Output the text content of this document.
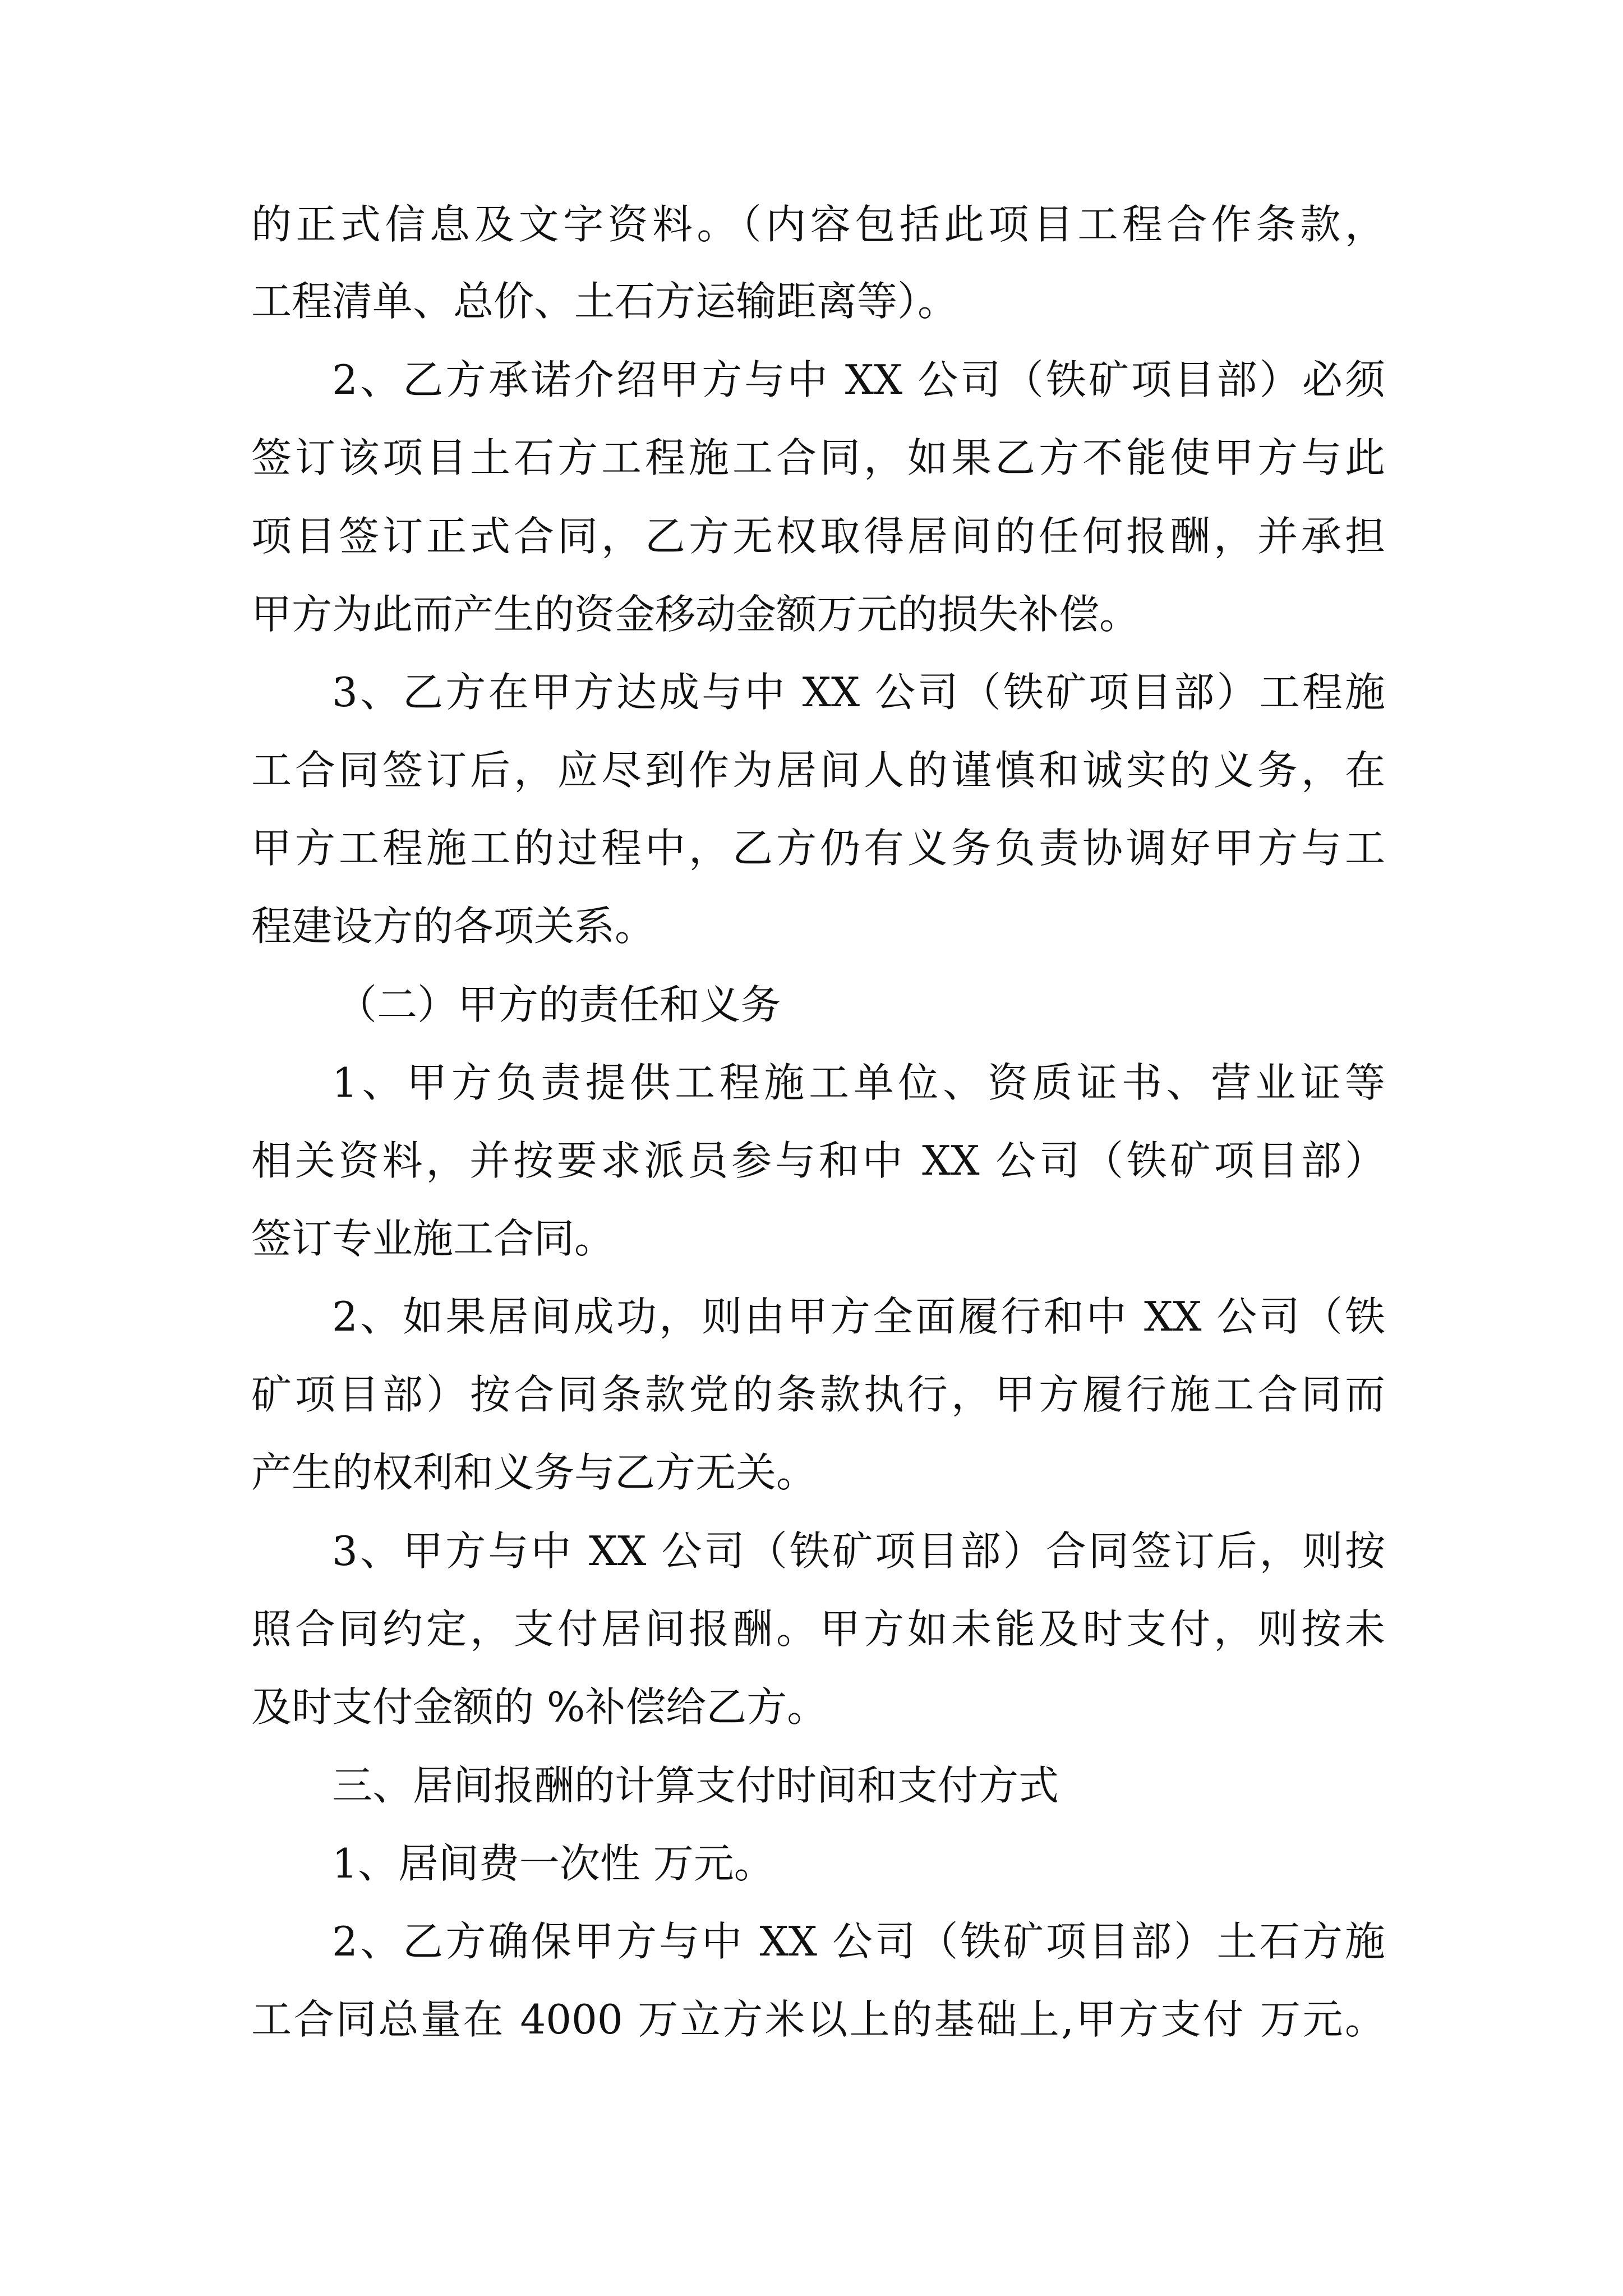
的正式信息及文字资料。（内容包括此项目工程合作条款，
工程清单、总价、土石方运输距离等）。
2、乙方承诺介绍甲方与中 XX 公司（铁矿项目部）必须
签订该项目土石方工程施工合同，如果乙方不能使甲方与此
项目签订正式合同，乙方无权取得居间的任何报酬，并承担
甲方为此而产生的资金移动金额万元的损失补偿。
3、乙方在甲方达成与中 XX 公司（铁矿项目部）工程施
工合同签订后，应尽到作为居间人的谨慎和诚实的义务，在
甲方工程施工的过程中，乙方仍有义务负责协调好甲方与工
程建设方的各项关系。
（二）甲方的责任和义务
1、甲方负责提供工程施工单位、资质证书、营业证等
相关资料，并按要求派员参与和中 XX 公司（铁矿项目部）
签订专业施工合同。
2、如果居间成功，则由甲方全面履行和中 XX 公司（铁
矿项目部）按合同条款党的条款执行，甲方履行施工合同而
产生的权利和义务与乙方无关。
3、甲方与中 XX 公司（铁矿项目部）合同签订后，则按
照合同约定，支付居间报酬。甲方如未能及时支付，则按未
及时支付金额的 %补偿给乙方。
三、居间报酬的计算支付时间和支付方式
1、居间费一次性 万元。
2、乙方确保甲方与中 XX 公司（铁矿项目部）土石方施
工合同总量在 4000 万立方米以上的基础上,甲方支付 万元。
